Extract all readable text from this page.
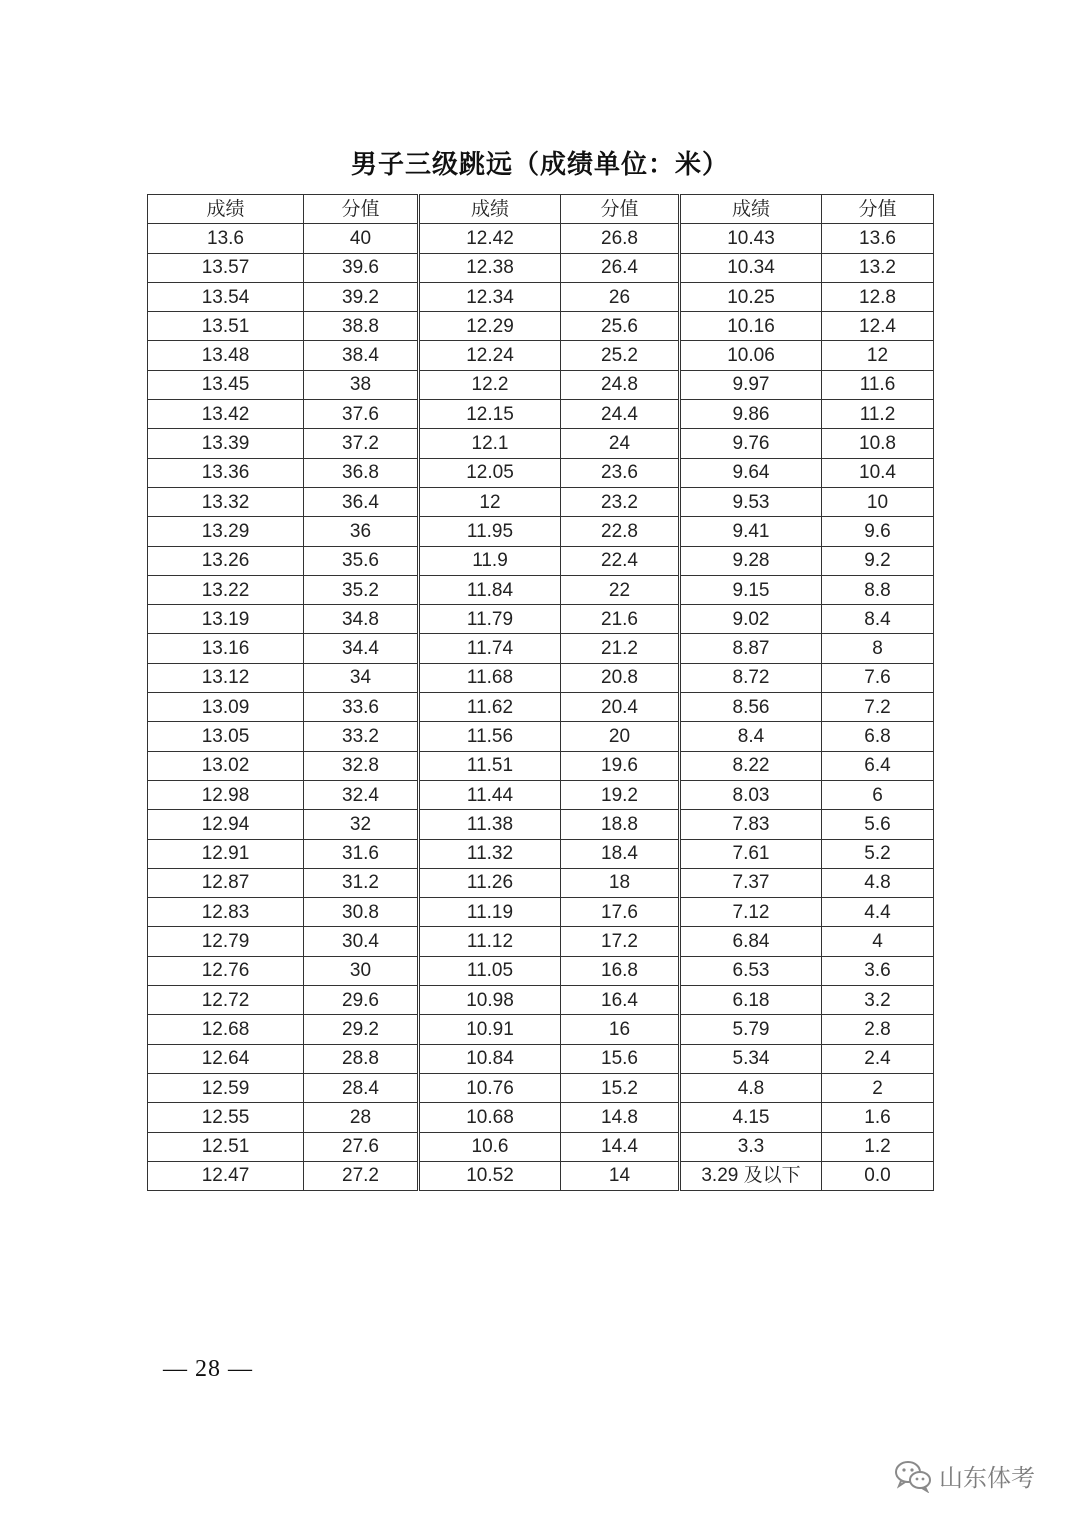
男子三级跳远（成绩单位：米）
成绩	分值	成绩	分值	成绩	分值
13.6	40	12.42	26.8	10.43	13.6
13.57	39.6	12.38	26.4	10.34	13.2
13.54	39.2	12.34	26	10.25	12.8
13.51	38.8	12.29	25.6	10.16	12.4
13.48	38.4	12.24	25.2	10.06	12
13.45	38	12.2	24.8	9.97	11.6
13.42	37.6	12.15	24.4	9.86	11.2
13.39	37.2	12.1	24	9.76	10.8
13.36	36.8	12.05	23.6	9.64	10.4
13.32	36.4	12	23.2	9.53	10
13.29	36	11.95	22.8	9.41	9.6
13.26	35.6	11.9	22.4	9.28	9.2
13.22	35.2	11.84	22	9.15	8.8
13.19	34.8	11.79	21.6	9.02	8.4
13.16	34.4	11.74	21.2	8.87	8
13.12	34	11.68	20.8	8.72	7.6
13.09	33.6	11.62	20.4	8.56	7.2
13.05	33.2	11.56	20	8.4	6.8
13.02	32.8	11.51	19.6	8.22	6.4
12.98	32.4	11.44	19.2	8.03	6
12.94	32	11.38	18.8	7.83	5.6
12.91	31.6	11.32	18.4	7.61	5.2
12.87	31.2	11.26	18	7.37	4.8
12.83	30.8	11.19	17.6	7.12	4.4
12.79	30.4	11.12	17.2	6.84	4
12.76	30	11.05	16.8	6.53	3.6
12.72	29.6	10.98	16.4	6.18	3.2
12.68	29.2	10.91	16	5.79	2.8
12.64	28.8	10.84	15.6	5.34	2.4
12.59	28.4	10.76	15.2	4.8	2
12.55	28	10.68	14.8	4.15	1.6
12.51	27.6	10.6	14.4	3.3	1.2
12.47	27.2	10.52	14	3.29 及以下	0.0
— 28 —
山东体考
